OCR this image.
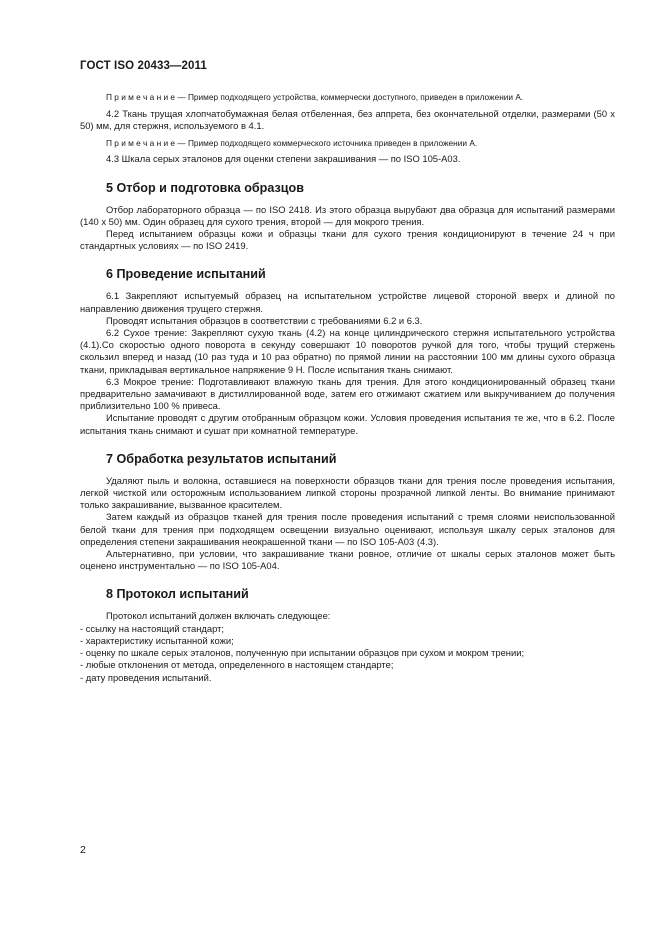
ГОСТ ISO 20433—2011

П р и м е ч а н и е — Пример подходящего устройства, коммерчески доступного, приведен в приложении А.

4.2 Ткань трущая хлопчатобумажная белая отбеленная, без аппрета, без окончательной отделки, размерами (50 х 50) мм, для стержня, используемого в 4.1.

П р и м е ч а н и е — Пример подходящего коммерческого источника приведен в приложении А.

4.3 Шкала серых эталонов для оценки степени закрашивания — по ISO 105-A03.

5 Отбор и подготовка образцов

Отбор лабораторного образца — по ISO 2418. Из этого образца вырубают два образца для испытаний размерами (140 х 50) мм. Один образец для сухого трения, второй — для мокрого трения.

Перед испытанием образцы кожи и образцы ткани для сухого трения кондиционируют в течение 24 ч при стандартных условиях — по ISO 2419.

6 Проведение испытаний

6.1 Закрепляют испытуемый образец на испытательном устройстве лицевой стороной вверх и длиной по направлению движения трущего стержня.

Проводят испытания образцов в соответствии с требованиями 6.2 и 6.3.

6.2 Сухое трение: Закрепляют сухую ткань (4.2) на конце цилиндрического стержня испытательного устройства (4.1).Со скоростью одного поворота в секунду совершают 10 поворотов ручкой для того, чтобы трущий стержень скользил вперед и назад (10 раз туда и 10 раз обратно) по прямой линии на расстоянии 100 мм длины сухого образца ткани, прикладывая вертикальное напряжение 9 Н. После испытания ткань снимают.

6.3 Мокрое трение: Подготавливают влажную ткань для трения. Для этого кондиционированный образец ткани предварительно замачивают в дистиллированной воде, затем его отжимают сжатием или выкручиванием до получения приблизительно 100 % привеса.

Испытание проводят с другим отобранным образцом кожи. Условия проведения испытания те же, что в 6.2. После испытания ткань снимают и сушат при комнатной температуре.

7 Обработка результатов испытаний

Удаляют пыль и волокна, оставшиеся на поверхности образцов ткани для трения после проведения испытания, легкой чисткой или осторожным использованием липкой стороны прозрачной липкой ленты. Во внимание принимают только закрашивание, вызванное красителем.

Затем каждый из образцов тканей для трения после проведения испытаний с тремя слоями неиспользованной белой ткани для трения при подходящем освещении визуально оценивают, используя шкалу серых эталонов для определения степени закрашивания неокрашенной ткани — по ISO 105-A03 (4.3).

Альтернативно, при условии, что закрашивание ткани ровное, отличие от шкалы серых эталонов может быть оценено инструментально — по ISO 105-A04.

8 Протокол испытаний

Протокол испытаний должен включать следующее:

- ссылку на настоящий стандарт;

- характеристику испытанной кожи;

- оценку по шкале серых эталонов, полученную при испытании образцов при сухом и мокром трении;

- любые отклонения от метода, определенного в настоящем стандарте;

- дату проведения испытаний.

2
